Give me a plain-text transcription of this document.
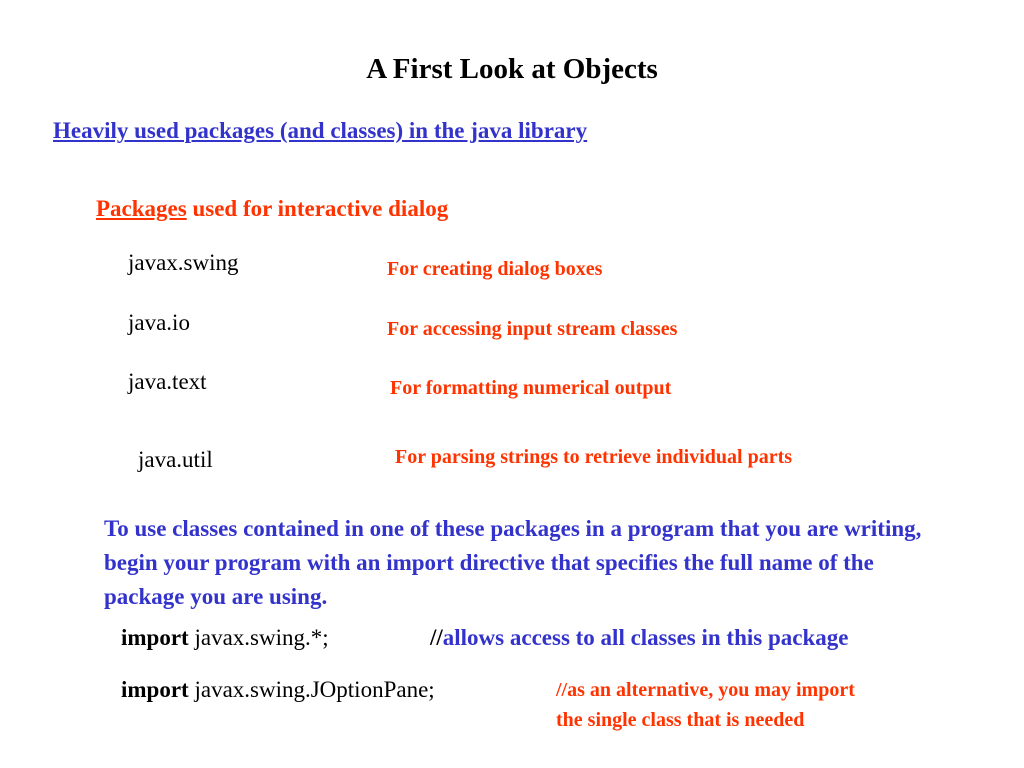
A First Look at Objects
Heavily used packages (and classes) in the java library
Packages used for interactive dialog
javax.swing	For creating dialog boxes
java.io	For accessing input stream classes
java.text	For formatting numerical output
java.util	For parsing strings to retrieve individual parts
To use classes contained in one of these packages in a program that you are writing, begin your program with an import directive that specifies the full name of the package you are using.
import javax.swing.*;	//allows access to all classes in this package
import javax.swing.JOptionPane;	//as an alternative, you may import
the single class that is needed
